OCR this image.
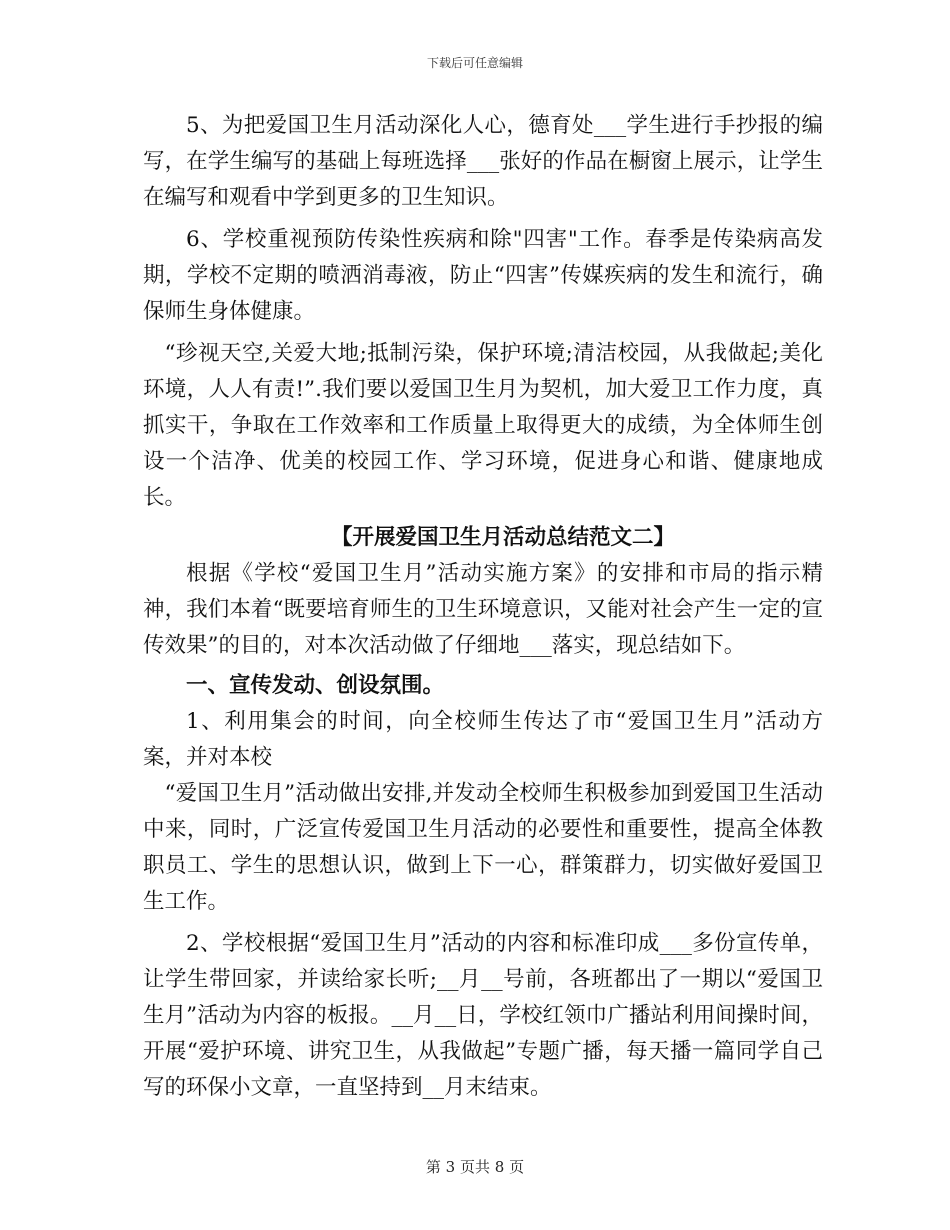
下载后可任意编辑

5、为把爱国卫生月活动深化人心，德育处___学生进行手抄报的编写，在学生编写的基础上每班选择___张好的作品在橱窗上展示，让学生在编写和观看中学到更多的卫生知识。

6、学校重视预防传染性疾病和除"四害"工作。春季是传染病高发期，学校不定期的喷洒消毒液，防止“四害”传媒疾病的发生和流行，确保师生身体健康。

“珍视天空,关爱大地;抵制污染，保护环境;清洁校园，从我做起;美化环境，人人有责!”.我们要以爱国卫生月为契机，加大爱卫工作力度，真抓实干，争取在工作效率和工作质量上取得更大的成绩，为全体师生创设一个洁净、优美的校园工作、学习环境，促进身心和谐、健康地成长。

【开展爱国卫生月活动总结范文二】

根据《学校“爱国卫生月”活动实施方案》的安排和市局的指示精神，我们本着“既要培育师生的卫生环境意识，又能对社会产生一定的宣传效果”的目的，对本次活动做了仔细地___落实，现总结如下。

一、宣传发动、创设氛围。

1、利用集会的时间，向全校师生传达了市“爱国卫生月”活动方案，并对本校

“爱国卫生月”活动做出安排,并发动全校师生积极参加到爱国卫生活动中来，同时，广泛宣传爱国卫生月活动的必要性和重要性，提高全体教职员工、学生的思想认识，做到上下一心，群策群力，切实做好爱国卫生工作。

2、学校根据“爱国卫生月”活动的内容和标准印成___多份宣传单，让学生带回家，并读给家长听;__月__号前，各班都出了一期以“爱国卫生月”活动为内容的板报。__月__日，学校红领巾广播站利用间操时间，开展“爱护环境、讲究卫生，从我做起”专题广播，每天播一篇同学自己写的环保小文章，一直坚持到__月末结束。

第 3 页共 8 页
